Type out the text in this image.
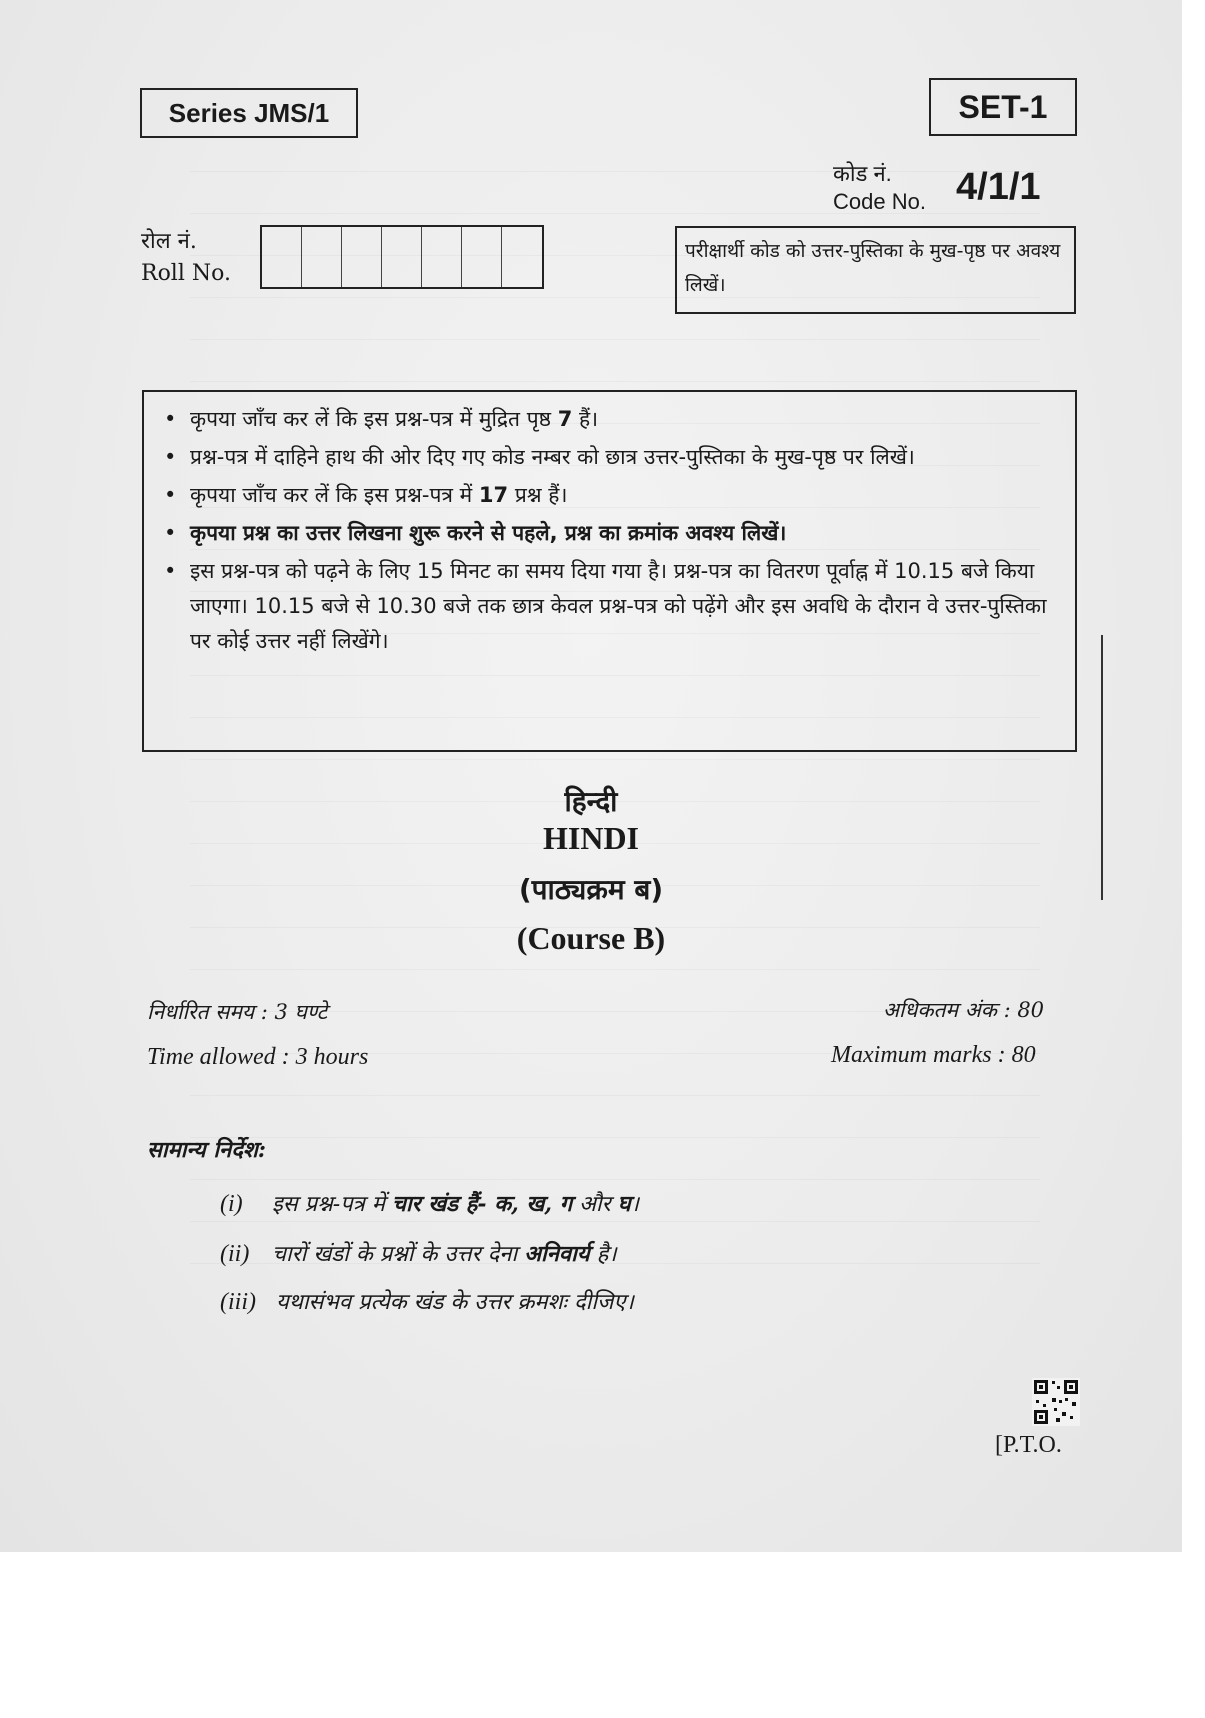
Series JMS/1	SET-1
कोड नं.
Code No. 4/1/1
रोल नं.
Roll No.
परीक्षार्थी कोड को उत्तर-पुस्तिका के मुख-पृष्ठ पर अवश्य लिखें।
• कृपया जाँच कर लें कि इस प्रश्न-पत्र में मुद्रित पृष्ठ 7 हैं।
• प्रश्न-पत्र में दाहिने हाथ की ओर दिए गए कोड नम्बर को छात्र उत्तर-पुस्तिका के मुख-पृष्ठ पर लिखें।
• कृपया जाँच कर लें कि इस प्रश्न-पत्र में 17 प्रश्न हैं।
• कृपया प्रश्न का उत्तर लिखना शुरू करने से पहले, प्रश्न का क्रमांक अवश्य लिखें।
• इस प्रश्न-पत्र को पढ़ने के लिए 15 मिनट का समय दिया गया है। प्रश्न-पत्र का वितरण पूर्वाह्न में 10.15 बजे किया जाएगा। 10.15 बजे से 10.30 बजे तक छात्र केवल प्रश्न-पत्र को पढ़ेंगे और इस अवधि के दौरान वे उत्तर-पुस्तिका पर कोई उत्तर नहीं लिखेंगे।
हिन्दी
HINDI
(पाठ्यक्रम ब)
(Course B)
निर्धारित समय : 3 घण्टे
Time allowed : 3 hours
अधिकतम अंक : 80
Maximum marks : 80
सामान्य निर्देश:
(i) इस प्रश्न-पत्र में चार खंड हैं- क, ख, ग और घ।
(ii) चारों खंडों के प्रश्नों के उत्तर देना अनिवार्य है।
(iii) यथासंभव प्रत्येक खंड के उत्तर क्रमशः दीजिए।
[P.T.O.
